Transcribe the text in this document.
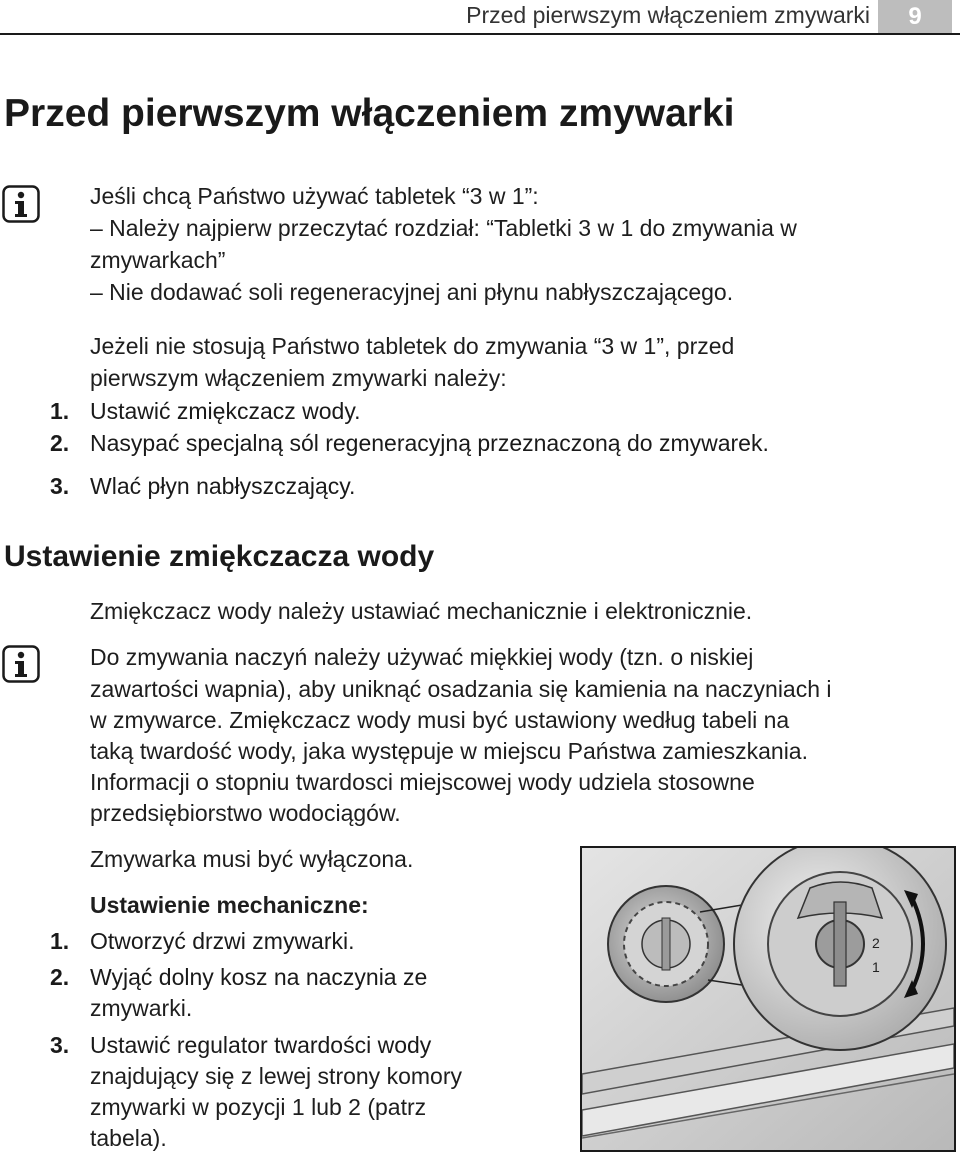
Przed pierwszym włączeniem zmywarki	9
Przed pierwszym włączeniem zmywarki
Jeśli chcą Państwo używać tabletek “3 w 1”:
– Należy najpierw przeczytać rozdział: “Tabletki 3 w 1 do zmywania w
zmywarkach”
– Nie dodawać soli regeneracyjnej ani płynu nabłyszczającego.
Jeżeli nie stosują Państwo tabletek do zmywania “3 w 1”, przed
pierwszym włączeniem zmywarki należy:
1. Ustawić zmiękczacz wody.
2. Nasypać specjalną sól regeneracyjną przeznaczoną do zmywarek.
3. Wlać płyn nabłyszczający.
Ustawienie zmiękczacza wody
Zmiękczacz wody należy ustawiać mechanicznie i elektronicznie.
Do zmywania naczyń należy używać miękkiej wody (tzn. o niskiej
zawartości wapnia), aby uniknąć osadzania się kamienia na naczyniach i
w zmywarce. Zmiękczacz wody musi być ustawiony według tabeli na
taką twardość wody, jaka występuje w miejscu Państwa zamieszkania.
Informacji o stopniu twardosci miejscowej wody udziela stosowne
przedsiębiorstwo wodociągów.
Zmywarka musi być wyłączona.
Ustawienie mechaniczne:
1. Otworzyć drzwi zmywarki.
2. Wyjąć dolny kosz na naczynia ze
zmywarki.
3. Ustawić regulator twardości wody
znajdujący się z lewej strony komory
zmywarki w pozycji 1 lub 2 (patrz
tabela).
2
1
